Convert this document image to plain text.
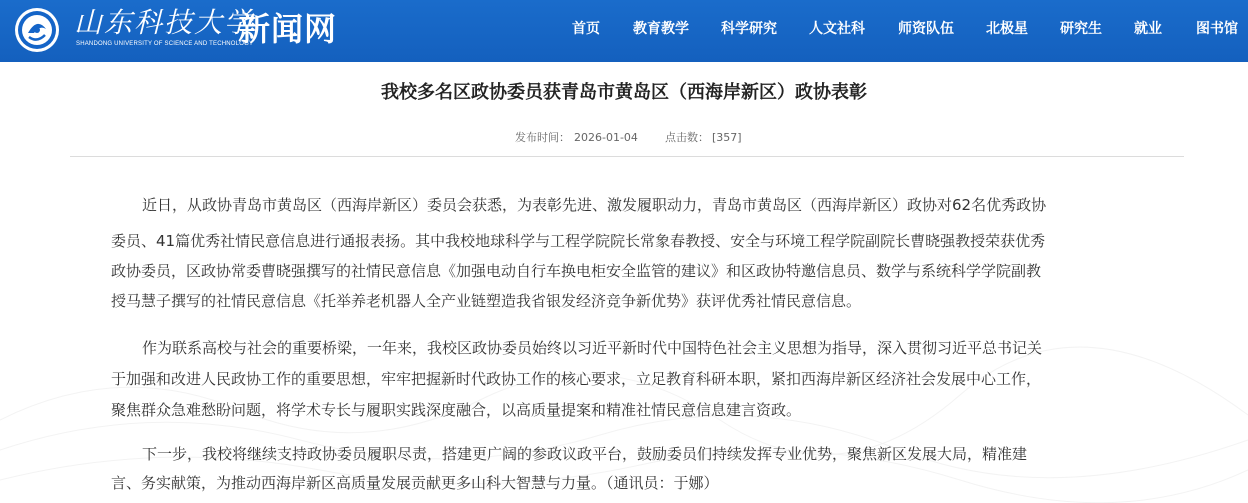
山东科技大学
SHANDONG UNIVERSITY OF SCIENCE AND TECHNOLOGY
新闻网	首页 教育教学 科学研究 人文社科 师资队伍 北极星 研究生 就业 图书馆
我校多名区政协委员获青岛市黄岛区（西海岸新区）政协表彰
发布时间： 2026-01-04 点击数： [357]
近日，从政协青岛市黄岛区（西海岸新区）委员会获悉，为表彰先进、激发履职动力，青岛市黄岛区（西海岸新区）政协对62名优秀政协
委员、41篇优秀社情民意信息进行通报表扬。其中我校地球科学与工程学院院长常象春教授、安全与环境工程学院副院长曹晓强教授荣获优秀
政协委员，区政协常委曹晓强撰写的社情民意信息《加强电动自行车换电柜安全监管的建议》和区政协特邀信息员、数学与系统科学学院副教
授马慧子撰写的社情民意信息《托举养老机器人全产业链塑造我省银发经济竞争新优势》获评优秀社情民意信息。
作为联系高校与社会的重要桥梁，一年来，我校区政协委员始终以习近平新时代中国特色社会主义思想为指导，深入贯彻习近平总书记关
于加强和改进人民政协工作的重要思想，牢牢把握新时代政协工作的核心要求，立足教育科研本职，紧扣西海岸新区经济社会发展中心工作，
聚焦群众急难愁盼问题，将学术专长与履职实践深度融合，以高质量提案和精准社情民意信息建言资政。
下一步，我校将继续支持政协委员履职尽责，搭建更广阔的参政议政平台，鼓励委员们持续发挥专业优势，聚焦新区发展大局，精准建
言、务实献策，为推动西海岸新区高质量发展贡献更多山科大智慧与力量。（通讯员：于娜）
